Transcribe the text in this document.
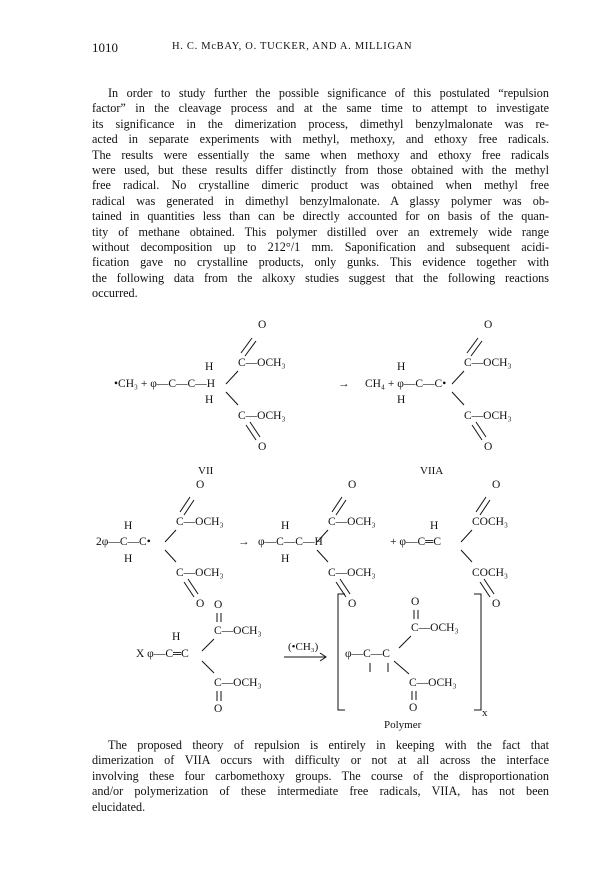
1010	H. C. McBAY, O. TUCKER, AND A. MILLIGAN

In order to study further the possible significance of this postulated “repulsion
factor” in the cleavage process and at the same time to attempt to investigate
its significance in the dimerization process, dimethyl benzylmalonate was re-
acted in separate experiments with methyl, methoxy, and ethoxy free radicals.
The results were essentially the same when methoxy and ethoxy free radicals
were used, but these results differ distinctly from those obtained with the methyl
free radical. No crystalline dimeric product was obtained when methyl free
radical was generated in dimethyl benzylmalonate. A glassy polymer was ob-
tained in quantities less than can be directly accounted for on basis of the quan-
tity of methane obtained. This polymer distilled over an extremely wide range
without decomposition up to 212°/1 mm. Saponification and subsequent acidi-
fication gave no crystalline products, only gunks. This evidence together with
the following data from the alkoxy studies suggest that the following reactions
occurred.

O
C—OCH₃
H
•CH₃ + φ—C—C—H
H
C—OCH₃
O
VII
→
O
C—OCH₃
H
CH₄ + φ—C—C•
H
C—OCH₃
O
VIIA
O
C—OCH₃
H
2φ—C—C•
H
C—OCH₃
O
→
O
C—OCH₃
H
φ—C—C—H
H
C—OCH₃
O
O
COCH₃
H
+ φ—C═C
COCH₃
O
O
C—OCH₃
H
X φ—C═C
C—OCH₃
O
(•CH₃)
x
O
C—OCH₃
φ—C—C
C—OCH₃
O
Polymer

The proposed theory of repulsion is entirely in keeping with the fact that
dimerization of VIIA occurs with difficulty or not at all across the interface
involving these four carbomethoxy groups. The course of the disproportionation
and/or polymerization of these intermediate free radicals, VIIA, has not been
elucidated.
